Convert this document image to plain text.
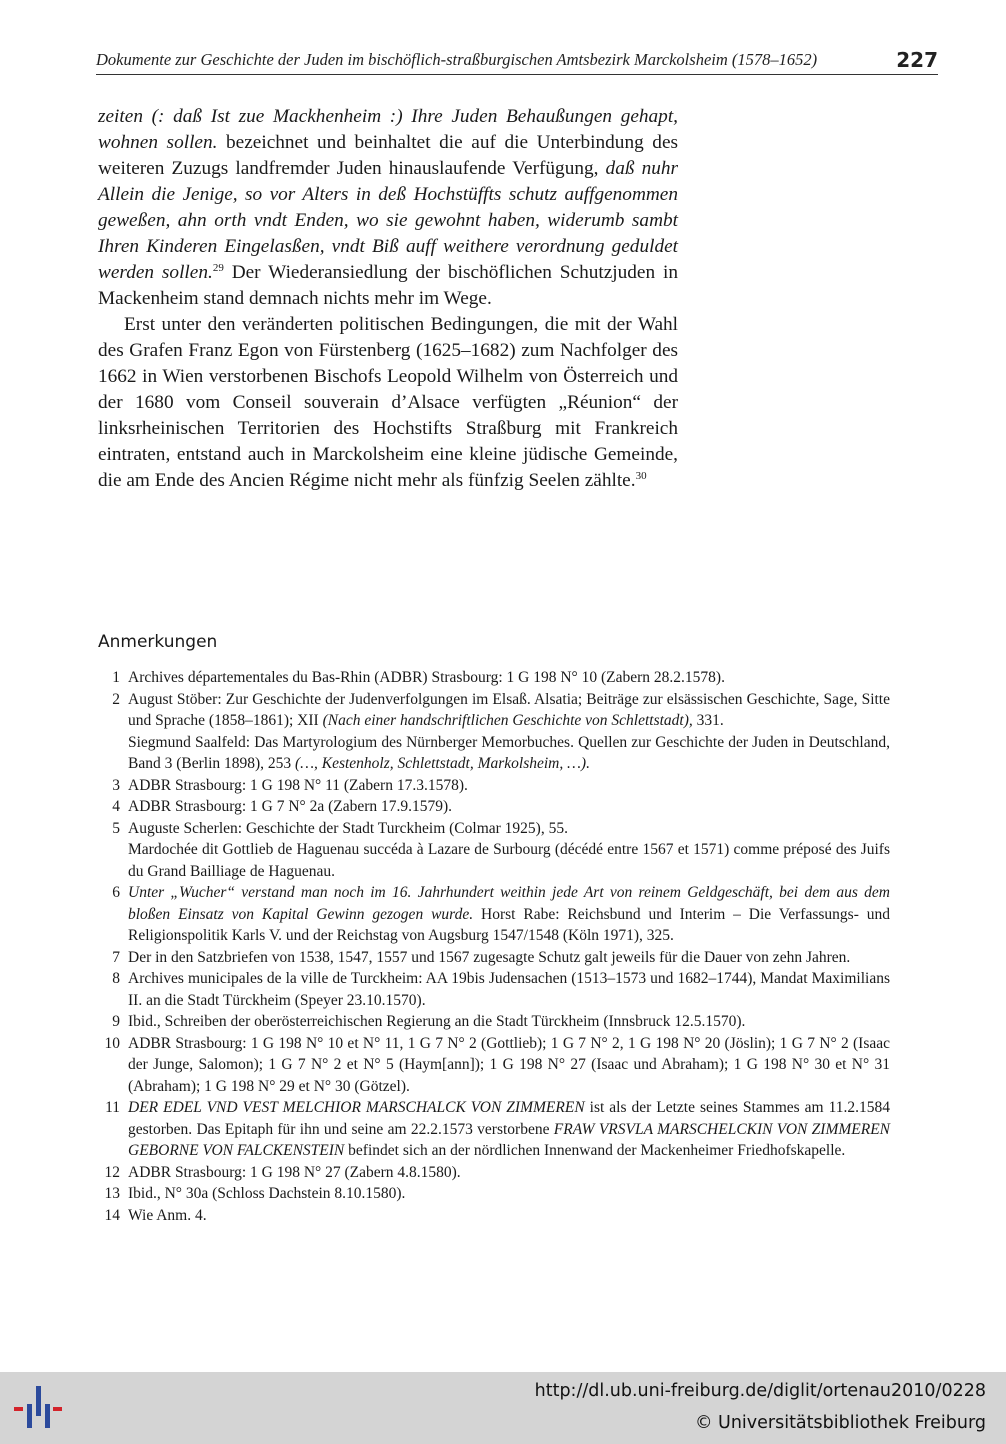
Dokumente zur Geschichte der Juden im bischöflich-straßburgischen Amtsbezirk Marckolsheim (1578–1652)	227

zeiten (: daß Ist zue Mackhenheim :) Ihre Juden Behaußungen gehapt, wohnen sollen. bezeichnet und beinhaltet die auf die Unterbindung des weiteren Zuzugs landfremder Juden hinauslaufende Verfügung, daß nuhr Allein die Jenige, so vor Alters in deß Hochstüffts schutz auffgenommen geweßen, ahn orth vndt Enden, wo sie gewohnt haben, widerumb sambt Ihren Kinderen Eingelasßen, vndt Biß auff weithere verordnung geduldet werden sollen.$^{29}$ Der Wiederansiedlung der bischöflichen Schutzjuden in Mackenheim stand demnach nichts mehr im Wege.

Erst unter den veränderten politischen Bedingungen, die mit der Wahl des Grafen Franz Egon von Fürstenberg (1625–1682) zum Nachfolger des 1662 in Wien verstorbenen Bischofs Leopold Wilhelm von Österreich und der 1680 vom Conseil souverain d’Alsace verfügten „Réunion“ der linksrheinischen Territorien des Hochstifts Straßburg mit Frankreich eintraten, entstand auch in Marckolsheim eine kleine jüdische Gemeinde, die am Ende des Ancien Régime nicht mehr als fünfzig Seelen zählte.$^{30}$

Anmerkungen
1 Archives départementales du Bas-Rhin (ADBR) Strasbourg: 1 G 198 N° 10 (Zabern 28.2.1578).
2 August Stöber: Zur Geschichte der Judenverfolgungen im Elsaß. Alsatia; Beiträge zur elsässischen Geschichte, Sage, Sitte und Sprache (1858–1861); XII (Nach einer handschriftlichen Geschichte von Schlettstadt), 331.

Siegmund Saalfeld: Das Martyrologium des Nürnberger Memorbuches. Quellen zur Geschichte der Juden in Deutschland, Band 3 (Berlin 1898), 253 (…, Kestenholz, Schlettstadt, Markolsheim, …).

3 ADBR Strasbourg: 1 G 198 N° 11 (Zabern 17.3.1578).
4 ADBR Strasbourg: 1 G 7 N° 2a (Zabern 17.9.1579).
5 Auguste Scherlen: Geschichte der Stadt Turckheim (Colmar 1925), 55.

Mardochée dit Gottlieb de Haguenau succéda à Lazare de Surbourg (décédé entre 1567 et 1571) comme préposé des Juifs du Grand Bailliage de Haguenau.

6 Unter „Wucher“ verstand man noch im 16. Jahrhundert weithin jede Art von reinem Geldgeschäft, bei dem aus dem bloßen Einsatz von Kapital Gewinn gezogen wurde. Horst Rabe: Reichsbund und Interim – Die Verfassungs- und Religionspolitik Karls V. und der Reichstag von Augsburg 1547/1548 (Köln 1971), 325.
7 Der in den Satzbriefen von 1538, 1547, 1557 und 1567 zugesagte Schutz galt jeweils für die Dauer von zehn Jahren.
8 Archives municipales de la ville de Turckheim: AA 19bis Judensachen (1513–1573 und 1682–1744), Mandat Maximilians II. an die Stadt Türckheim (Speyer 23.10.1570).
9 Ibid., Schreiben der oberösterreichischen Regierung an die Stadt Türckheim (Innsbruck 12.5.1570).
10 ADBR Strasbourg: 1 G 198 N° 10 et N° 11, 1 G 7 N° 2 (Gottlieb); 1 G 7 N° 2, 1 G 198 N° 20 (Jöslin); 1 G 7 N° 2 (Isaac der Junge, Salomon); 1 G 7 N° 2 et N° 5 (Haym[ann]); 1 G 198 N° 27 (Isaac und Abraham); 1 G 198 N° 30 et N° 31 (Abraham); 1 G 198 N° 29 et N° 30 (Götzel).
11 DER EDEL VND VEST MELCHIOR MARSCHALCK VON ZIMMEREN ist als der Letzte seines Stammes am 11.2.1584 gestorben. Das Epitaph für ihn und seine am 22.2.1573 verstorbene FRAW VRSVLA MARSCHELCKIN VON ZIMMEREN GEBORNE VON FALCKENSTEIN befindet sich an der nördlichen Innenwand der Mackenheimer Friedhofskapelle.
12 ADBR Strasbourg: 1 G 198 N° 27 (Zabern 4.8.1580).
13 Ibid., N° 30a (Schloss Dachstein 8.10.1580).
14 Wie Anm. 4.
http://dl.ub.uni-freiburg.de/diglit/ortenau2010/0228
© Universitätsbibliothek Freiburg
